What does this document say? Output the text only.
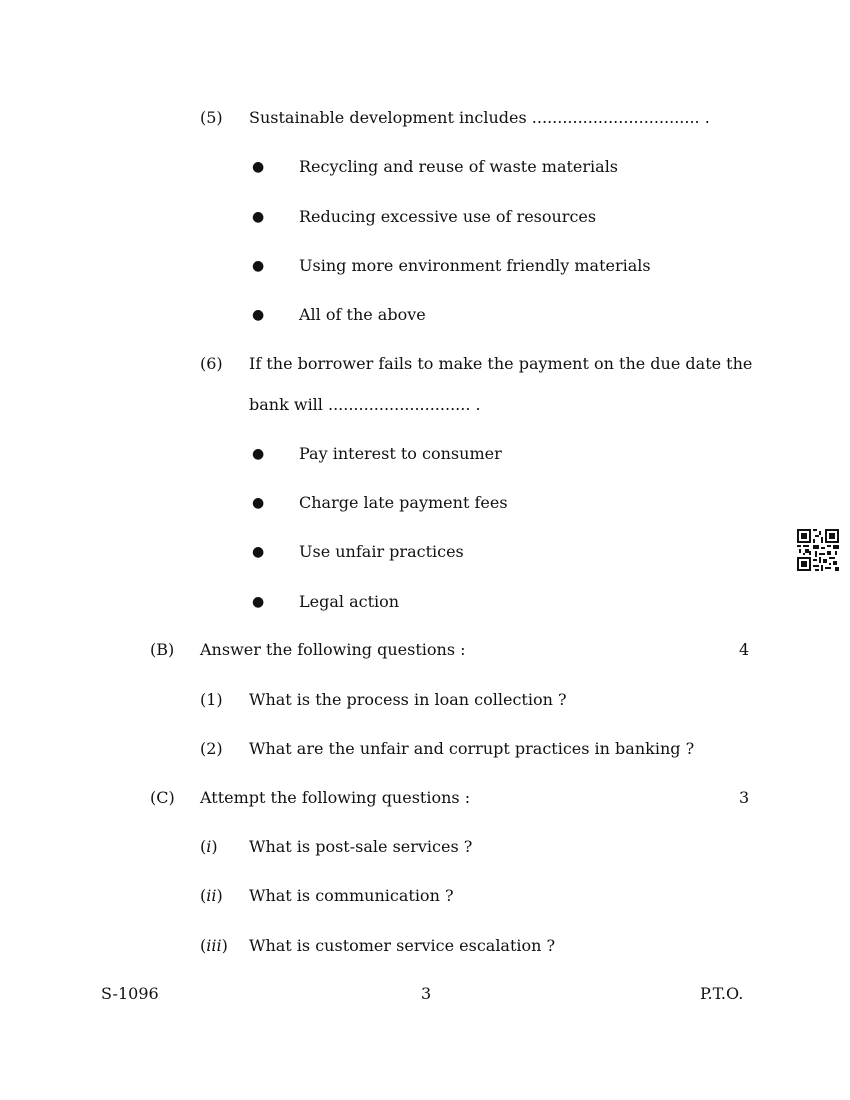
(5) Sustainable development includes ................................. .
● Recycling and reuse of waste materials
● Reducing excessive use of resources
● Using more environment friendly materials
● All of the above
(6) If the borrower fails to make the payment on the due date the
bank will ............................ .
● Pay interest to consumer
● Charge late payment fees
● Use unfair practices
● Legal action
(B) Answer the following questions :	4
(1) What is the process in loan collection ?
(2) What are the unfair and corrupt practices in banking ?
(C) Attempt the following questions :	3
(i) What is post-sale services ?
(ii) What is communication ?
(iii) What is customer service escalation ?
S-1096	3	P.T.O.
